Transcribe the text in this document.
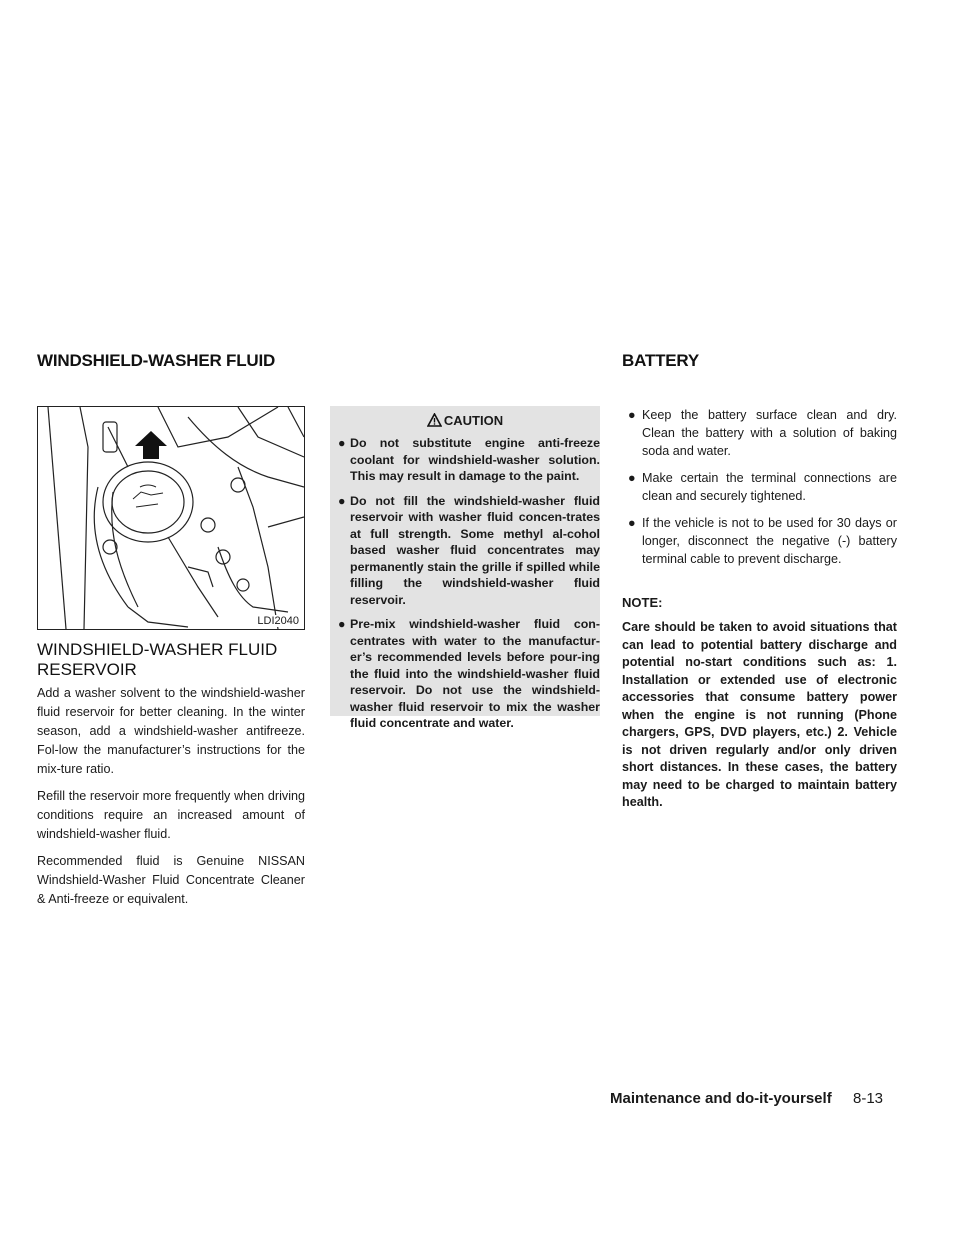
WINDSHIELD-WASHER FLUID	BATTERY
LDI2040
WINDSHIELD-WASHER FLUID RESERVOIR

Add a washer solvent to the windshield-washer fluid reservoir for better cleaning. In the winter season, add a windshield-washer antifreeze. Fol-low the manufacturer’s instructions for the mix-ture ratio.

Refill the reservoir more frequently when driving conditions require an increased amount of windshield-washer fluid.

Recommended fluid is Genuine NISSAN Windshield-Washer Fluid Concentrate Cleaner & Anti-freeze or equivalent.

CAUTION
● Do not substitute engine anti-freeze coolant for windshield-washer solution. This may result in damage to the paint.
● Do not fill the windshield-washer fluid reservoir with washer fluid concen-trates at full strength. Some methyl al-cohol based washer fluid concentrates may permanently stain the grille if spilled while filling the windshield-washer fluid reservoir.
● Pre-mix windshield-washer fluid con-centrates with water to the manufactur-er’s recommended levels before pour-ing the fluid into the windshield-washer fluid reservoir. Do not use the windshield-washer fluid reservoir to mix the washer fluid concentrate and water.
● Keep the battery surface clean and dry. Clean the battery with a solution of baking soda and water.
● Make certain the terminal connections are clean and securely tightened.
● If the vehicle is not to be used for 30 days or longer, disconnect the negative (-) battery terminal cable to prevent discharge.
NOTE:
Care should be taken to avoid situations that can lead to potential battery discharge and potential no-start conditions such as: 1. Installation or extended use of electronic accessories that consume battery power when the engine is not running (Phone chargers, GPS, DVD players, etc.) 2. Vehicle is not driven regularly and/or only driven short distances. In these cases, the battery may need to be charged to maintain battery health.
Maintenance and do-it-yourself 8-13
